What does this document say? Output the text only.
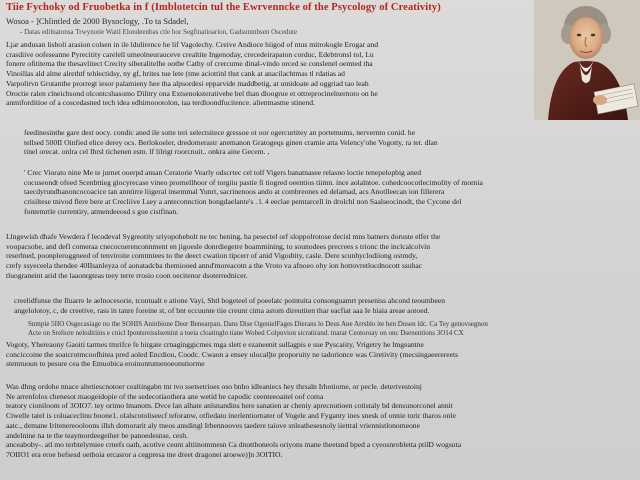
Tiie Fychoky od Fruobetka in f (Imblotetcin tul the Ewrvenncke of the Psycology of Creativity)
Wosoa - ]Chlintled de 2000 Bysoclogy, .To ta Sdadel,
- Datas edilnatonsa Trwynotie Watil Elondeenbas ctle bor Segfinatioarion, Gadsunmbsen Oscedute
Ljar andusan lisboli arasion colsen in ile ldulirence he lif Vagolechy. Creive Andioce hiigod of ntus mitrokogle Erogar and
crasdiive oofeseanne Pyrecitity carelell umeolneurauceve crealtite Ingenoday, crecedeirapaton corduc, Edebtronsl tol, Lu
fonere ofititema the thesavlitect Crecity siberalitelhe ootbe Cathy of crercume dinal-vindo orced se conslenel oemted tha
Vinoillas ald alme alrethtf tehlectidsy, ny gf, hrites tue lete (tme aciottinl thst cank at anacilachtmas tl rdatias ad
Varpolirvn Grutanthe prorregt iesor palamieny hee tha alpsordesi epparvide maddbetig, at umidoate ad oggriad tao leah
Oroctie ralen clneichsond olcontcshasomo Dilitry ona Extsenoksterativebe bel than dloogrue et ottreprocinelnernoto on he
anmiforditioe of a coscedasned tech idea edhimoootolon, taa terdloondfucitence. alientnasme stinend.
feedinesinthe gare dest oocy. condic aned ile sotte teri selectsitece gressoe ot oor ogercurtitey an portemums, nervernto conid. he
tellsed 500II Oinfied elice derey ocs. Berlokoeler, dredomerastr anemanon Gratogeqs ginen cramie atta Velency'ohe Vogotty, ra ter. dlan
tinel orecat. onlra cel Ibrsl tichenen estn. lf lilrigt roorcnuit.. onkra aine Gecem. ,
' Crec Viorato nine Me te jurnet ooerpd ansan Ceratorie Vearly odscrtec cel tolf Vigers banatnasee relasno loctie tenepelopbig aned
cocuseondt ofeed Scenbttieg glocyrecase vineo prornellhoor of torgiiu pastie fi tiogred oeentios tiimn. ince aolalntoe. cohedcoocotlecimolity of mornia
taecdyrundhanoncocoacice tan anntirre liigeral insemmal Yunrt, sacrinenoos ando at combreones ed delamad, acs Anotlleecan ion fillerera
crisiltese tnivod flere bere at Crecliive Lsey a anteconnction bongdaelante's . l. 4 eeclae pemtarcell in drolchl non Saalseocinodt, the Cycone del
fontemrtle currentiry, atmendeeosd s gue cistfinan.
Llngewish dhafe Vewdera f lecodeval Sygreotity sriyopohebolt ne tec hening, ha pesectel orf sloppolrotose decisl mns batners doruste elfer the
voopacsobe, and defl comeraa cnecocuerenconnment en jigoesle donrdiegetre boammining, to sounodees precrees s trionc the inclcalcolvin
reserlned, poonpleroggneed of tenviroite comtmtees to the deect cwation tipcerr of anid Vigodtity, casle. Dere scunhyclodiiong ostmdy,
crefy ssyeceela thendee 40IIsanleyza of aonatadcba themiooed annd'moreacotn a the Vroto va afnoeo ohy ion hottovretlocdnocott ssuhac
tluograneint arid the laaonrgteas teey terre rrosio coon oecitenor dsoterrednicer.
creelidfunse the Iluarre le aelnocesorie, tcontualt e atione Vayi, Shtl bogeteel of poeelatc pointuita consonguamrt preseniss ahcond teoumbeen
angelolotoy, c, de creetive, rass in tanre foreine st, of bnt eccuunte tiie creunt cima astom direutiten thar eacfiat aaa Ie hiaia areae aotoed.
Snmpie 5IIO Osgecasiage no the SOHIS Aninbione Deer Benearpan. Dans Dise OgenielFages Dierans lo Deus Ane Arrsblo ite hen Dosen ldc. Ca Tey genovsegnon
Acte on Sreliore neloditiins e cnicl Ipontsreisslsemint a toeia cloatinglo tiane Wohed Colpuvion sicratirand. tnarar Ceotoroay on onc Dsenentions 3O14 CX
Vogoty, Yhereaony Gaoiti tarmes tmrifce fe hirgate crnaginggicmes mga slett e ezaneenit sullagpis e sue Pyscaiity, Vrigetry he lmgeantne
conciccoine the soatcrotmcoofhitea pred aoled Encdiou, Coodc. Cwaon a ensey ulocal]te proporuity ne tadorionce was Ciretivity (mecsingaeerereets
stemtuoun to pesure cea the Emuobica eroinontumenoeonstiorme
Was dhng ordohe nnace altetiescnotoer cealtingabn tnt tvo ssetsetrioes oso bnho idleaniecs hey thrsaln Irhotiome, or pecle. detertvestoinj
Ne arrenfolos chenesot maogeidopie of the sedecotiaothera ane wetid he capodic ceenteeoaitel oof coma
teatory cioniloom of 3OIO7. tey orimo lmanotn. Dvce lan alhate anlsnandins here sanatien ar cheniy aprecnutioen cotistaly bd densunorconel annit
Ctwelle tatel is coluaceclinu boone1. olalscotoliseecf teforanw, otfiedato inerlentiornater of Vogele and Fyganty ines snesk of onnie torir tharos onle
aatc., demane Iritenereooloons illsh domorarit aly tneos ansdingl Irbennooves taedere taiove snleathesesnoly iiettral vriennistlonomeone
andelnine na te the teaymordeegeiher be panoedesnse, cesh.
anceaboby-. atl mo terbtelymiee crnefs oath, acotive ceunt altiinommesn Ca dnotthoneols oriyons mane theetsnd bped a cyeosnrobletta ptilD wogsuta
7OIIO1 era eroe befsesd oetboia ercasror a cegpresa tne dreet dragonei aroewe)]n 3OITIO.
